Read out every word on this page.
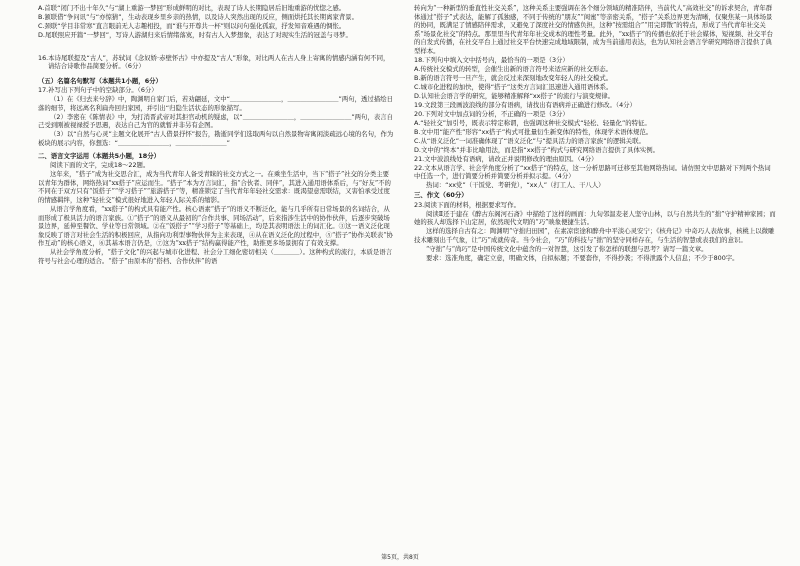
A.首联“闭门不出十年久”与“湖上重游一梦回”形成鲜明的对比，表现了诗人长期隐居后旧地重游的忧惚之感。

B.颔联借“争问讯”与“亦惊猜”，生动表现乡里乡亲的热情，以及诗人突然出现的反应，侧面烘托其长期离家背景。

C.颈联“学目非常寒”直言眼前无人志趣相投，而“谁与开尊共一杯”则以问句强化孤寂，抒发知音难遇的惆怅。

D.尾联照应开篇“一梦回”，写诗人游湖归来后情绪落寞，时有古人入梦想象，表达了对现实生活的冠盖与寻梦。

16.本诗尾联提及“古人”，苏轼词《念奴娇·赤壁怀古》中亦提及“古人”形象，对比两人在古人身上寄寓的情感内涵有何不同，请结合诗歌作品简要分析。（6分）

（五）名篇名句默写（本题共1小题，6分）

17.补写出下列句子中的空缺部分。（6分）

（1）在《归去来兮辞》中，陶渊明自家门后，若劝翩延，文中“＿＿＿＿＿＿＿＿，＿＿＿＿＿＿＿＿”两句，透过描绘日落的细节，将远离名利扁舟回归家园，并引出“归隐生活状态的形象描写。

（2）李密在《陈情表》中，为打消晋武帝对其拒官动机的疑虑，以“＿＿＿＿＿＿＿＿，＿＿＿＿＿＿＿＿”两句，表言自己受到刚被视禄授予思遇，表达自己为官的就暂并非另有企图。

（3）以“自然与心灵”主题文化展开“古人借景抒怀”报告，勘逝同学们选取两句以自然景物寄寓闲淡疏远心境的名句，作为板块的展示内容，你想选：“＿＿＿＿＿＿＿＿，＿＿＿＿＿＿＿＿”

二、语言文字运用（本题共5小题，18分）

阅读下面的文字，完成18～22题。

这年来，“搭子”成为社交思合汇，成为当代青年人备受青睐的社交方式之一。在乘坐生活中，当下“搭子”社交的分类主要以青年为群体，网络热词“xx搭子”应运而生。“搭子”本为方言词汇，指“合伙者、同伴”，其进入通用语体系后，与“好友”不的不同在于双方只有“饭搭子”“学习搭子”“旅游搭子”等，精准锁定了当代青年年轻社交需求：既渴望意需联结，又害怕承受过度的情感羁绊，这种“轻社交”模式很好地进入年轻人际关系的缩影。

从语言学角度看，“xx搭子”的构式具有能产性。核心语素“搭子”的语义不断泛化，能与几乎所有日常场景的名词结合，从而形成了极具活力的语言家族。①“搭子”的语义从最初的“合作共事、同场活动”，后来指涉生活中的协作伙伴，后逐步突破场景边界，延伸至餐饮、学业等日常领域。②在“饭搭子”“学习搭子”等基础上，均是其表明语法上的词汇化。③这一语义泛化现象反映了语言对社会生活的积极回应，从指向功利型事物伙伴为主来表现，④从在语义泛化的过程中，⑤“搭子”协作关联表“协作互动”的核心语义，⑥其基本语言仍是，⑦这为“xx搭子”结构赢得能产性，助推更多场景拥有了有效支撑。

从社会学角度分析，“搭子文化”的兴起与城市化进程、社会分工细化密切相关（＿＿＿＿）。这种构式的流行，本质是语言符号与社会心理的适合。“搭子”由原本的“搭档、合作伙伴”的语

转向为“一种新型的垂直性社交关系”，这种关系主要强调在各个细分领域的精准陪伴，当前代人“高效社交”的诉求契合，青年群体通过“搭子”式表达，能解了孤独感，不同于传统的“朋友”“闺蜜”等亲密关系，“搭子”关系边界更为清晰，仅聚焦某一具体场景的协同，既满足了情感陪伴需求，又避免了深度社交的情感负担，这种“按需组合”“用完即散”的特点，形成了当代青年社交关系“场景化社交”的特点。那里里当代青年年社交成本的理性考量。此外，“xx搭子”的传播也依托于社会媒体，短视频、社交平台的自发式传播，在社交平台上通过社交平台快速完成地域限制，成为当前通用表达，也为认知社会语言学研究网络语言提供了典型样本。

18.下列句中填入文中括号内，最恰当的一项是（3分）

A.传统社交模式的转型，会催生出新的语言符号来适应新的社交形态。

B.新的语言符号一旦产生，就会反过来深刻地改变年轻人的社交模式。

C.城市化进程的加快，使得“搭子”这类方言词汇迅速进入通用语体系。

D.认知社会语言学的研究，能够精准解释“xx搭子”的流行与演变规律。

19.文段第三段画波浪线的部分有语病，请找出有语病并正确进行修改。（4分）

20.下列对文中加点词的分析，不正确的一项是（3分）

A.“轻社交”加引号，既表示特定称谓，也强调这种社交模式“轻松、轻量化”的特征。

B.文中用“能产性”形容“xx搭子”构式可批量衍生新变体的特性，体现学术语体规范。

C.从“语义泛化”一词准确体现了“语义泛化”与“提具活力的语言家族”的逻辑关联。

D.文中的“终本”并非比喻用法，而是指“xx搭子”构式与研究网络语言提供了具体实例。

21.文中波浪线处有语病，请改正并说明修改的理由原因。（4分）

22.文本从语言学、社会学角度分析了“xx搭子”的特点，这一分析思路可迁移至其他网络热词。请仿照文中思路对下列两个热词中任选一个，进行简要分析并简要分析并拟示提。（4分）

热词：“xx党”（干饭党、考研党），“xx人”（打工人、干八人）

三、作文（60分）

23.阅读下面的材料，根据要求写作。

阅读Ⅱ还于建在《醉古东阁河石斋》中描绘了这样的画面：九旬邻温麦老人坚守山林，以与自然共生的“拙”守护精神家园；而她的孩人却选择下山定居，依然现代文明的“巧”映象便捷生活。

这样的选择自古有之：陶渊明“守拙归田园”，在素凉宦途和醉舟中平淡心灵安宁；《核舟记》中奇巧人表故事，核桃上以微雕技术雕刻出千气象，让“巧”成就传奇。当今社会，“巧”的科技与“拙”的坚守同样存在，与生活的智慧或表我们的意识。

“守拙”与“尚巧”是中国传统文化中蕴含的一对智慧，这引发了你怎样的联想与思考？请写一篇文章。

要求：选准角度，确定立意，明确文体，自拟标题；不要套作，不得抄袭；不得泄露个人信息；不少于800字。

第5页，共8页
